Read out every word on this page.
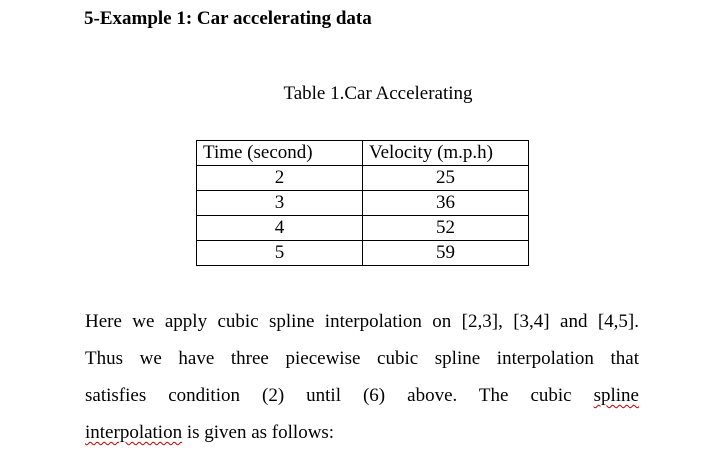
5-Example 1: Car accelerating data
Table 1.Car Accelerating
Time (second)	Velocity (m.p.h)
2	25
3	36
4	52
5	59
Here we apply cubic spline interpolation on [2,3], [3,4] and [4,5].
Thus we have three piecewise cubic spline interpolation that
satisfies condition (2) until (6) above. The cubic spline
interpolation is given as follows:
